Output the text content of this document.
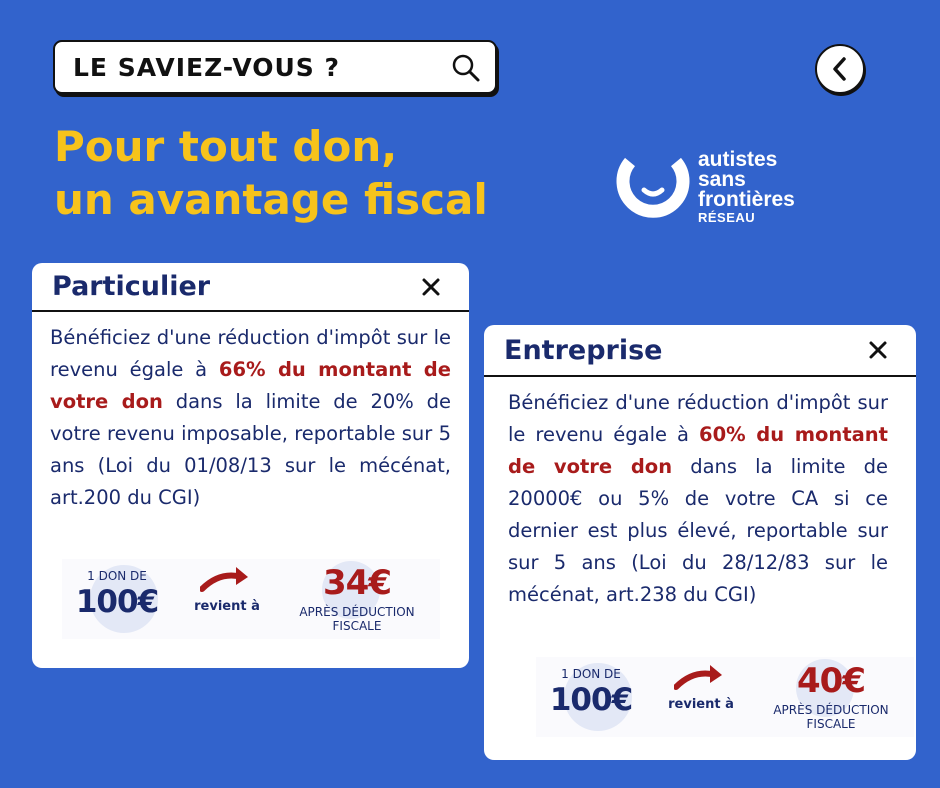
LE SAVIEZ-VOUS ?
Pour tout don,
un avantage fiscal
autistes
sans
frontières
RÉSEAU
Particulier
Bénéficiez d'une réduction d'impôt sur le revenu égale à 66% du montant de votre don dans la limite de 20% de votre revenu imposable, reportable sur 5 ans (Loi du 01/08/13 sur le mécénat, art.200 du CGI)
1 DON DE
100€	revient à
34€
APRÈS DÉDUCTION
FISCALE
Entreprise
Bénéficiez d'une réduction d'impôt sur le revenu égale à 60% du montant de votre don dans la limite de 20000€ ou 5% de votre CA si ce dernier est plus élevé, reportable sur sur 5 ans (Loi du 28/12/83 sur le mécénat, art.238 du CGI)
1 DON DE
100€	revient à
40€
APRÈS DÉDUCTION
FISCALE
